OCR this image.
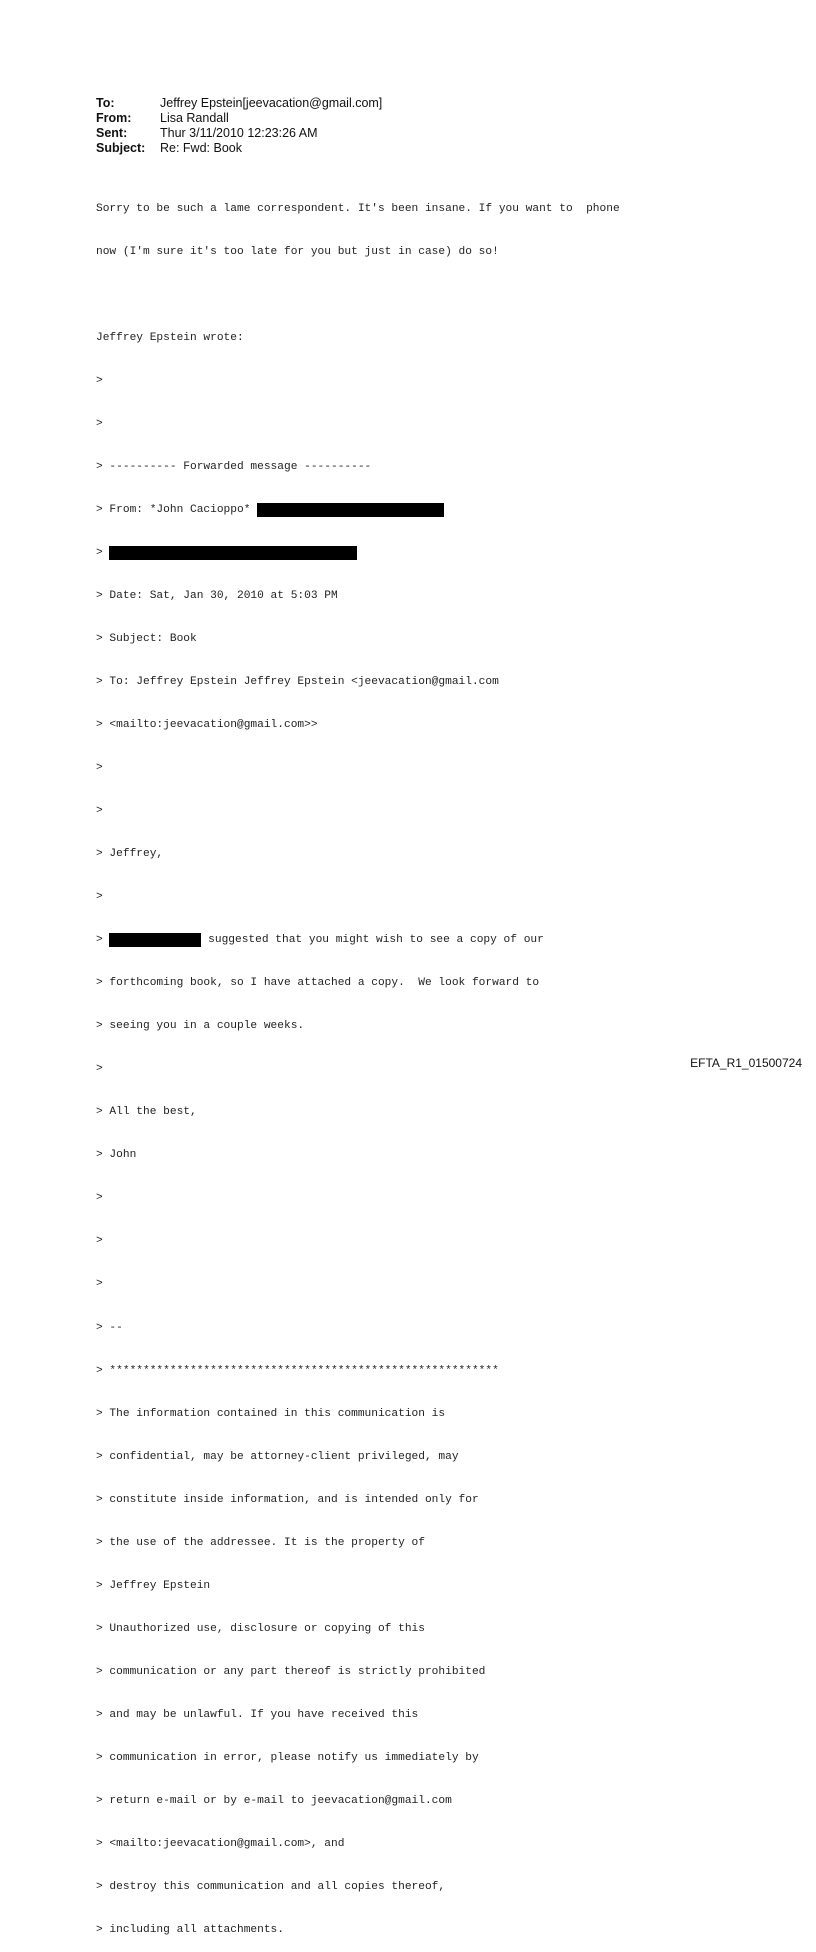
To:	Jeffrey Epstein[jeevacation@gmail.com]
From:	Lisa Randall
Sent:	Thur 3/11/2010 12:23:26 AM
Subject:	Re: Fwd: Book

Sorry to be such a lame correspondent. It's been insane. If you want to  phone

now (I'm sure it's too late for you but just in case) do so!

Jeffrey Epstein wrote:

>

>

> ---------- Forwarded message ----------

> From: *John Cacioppo*

>

> Date: Sat, Jan 30, 2010 at 5:03 PM

> Subject: Book

> To: Jeffrey Epstein Jeffrey Epstein <jeevacation@gmail.com

> <mailto:jeevacation@gmail.com>>

>

>

> Jeffrey,

>

>	suggested that you might wish to see a copy of our

> forthcoming book, so I have attached a copy.  We look forward to

> seeing you in a couple weeks.

>

> All the best,

> John

>

>

>

> --

> **********************************************************

> The information contained in this communication is

> confidential, may be attorney-client privileged, may

> constitute inside information, and is intended only for

> the use of the addressee. It is the property of

> Jeffrey Epstein

> Unauthorized use, disclosure or copying of this

> communication or any part thereof is strictly prohibited

> and may be unlawful. If you have received this

> communication in error, please notify us immediately by

> return e-mail or by e-mail to jeevacation@gmail.com

> <mailto:jeevacation@gmail.com>, and

> destroy this communication and all copies thereof,

> including all attachments.

EFTA_R1_01500724
